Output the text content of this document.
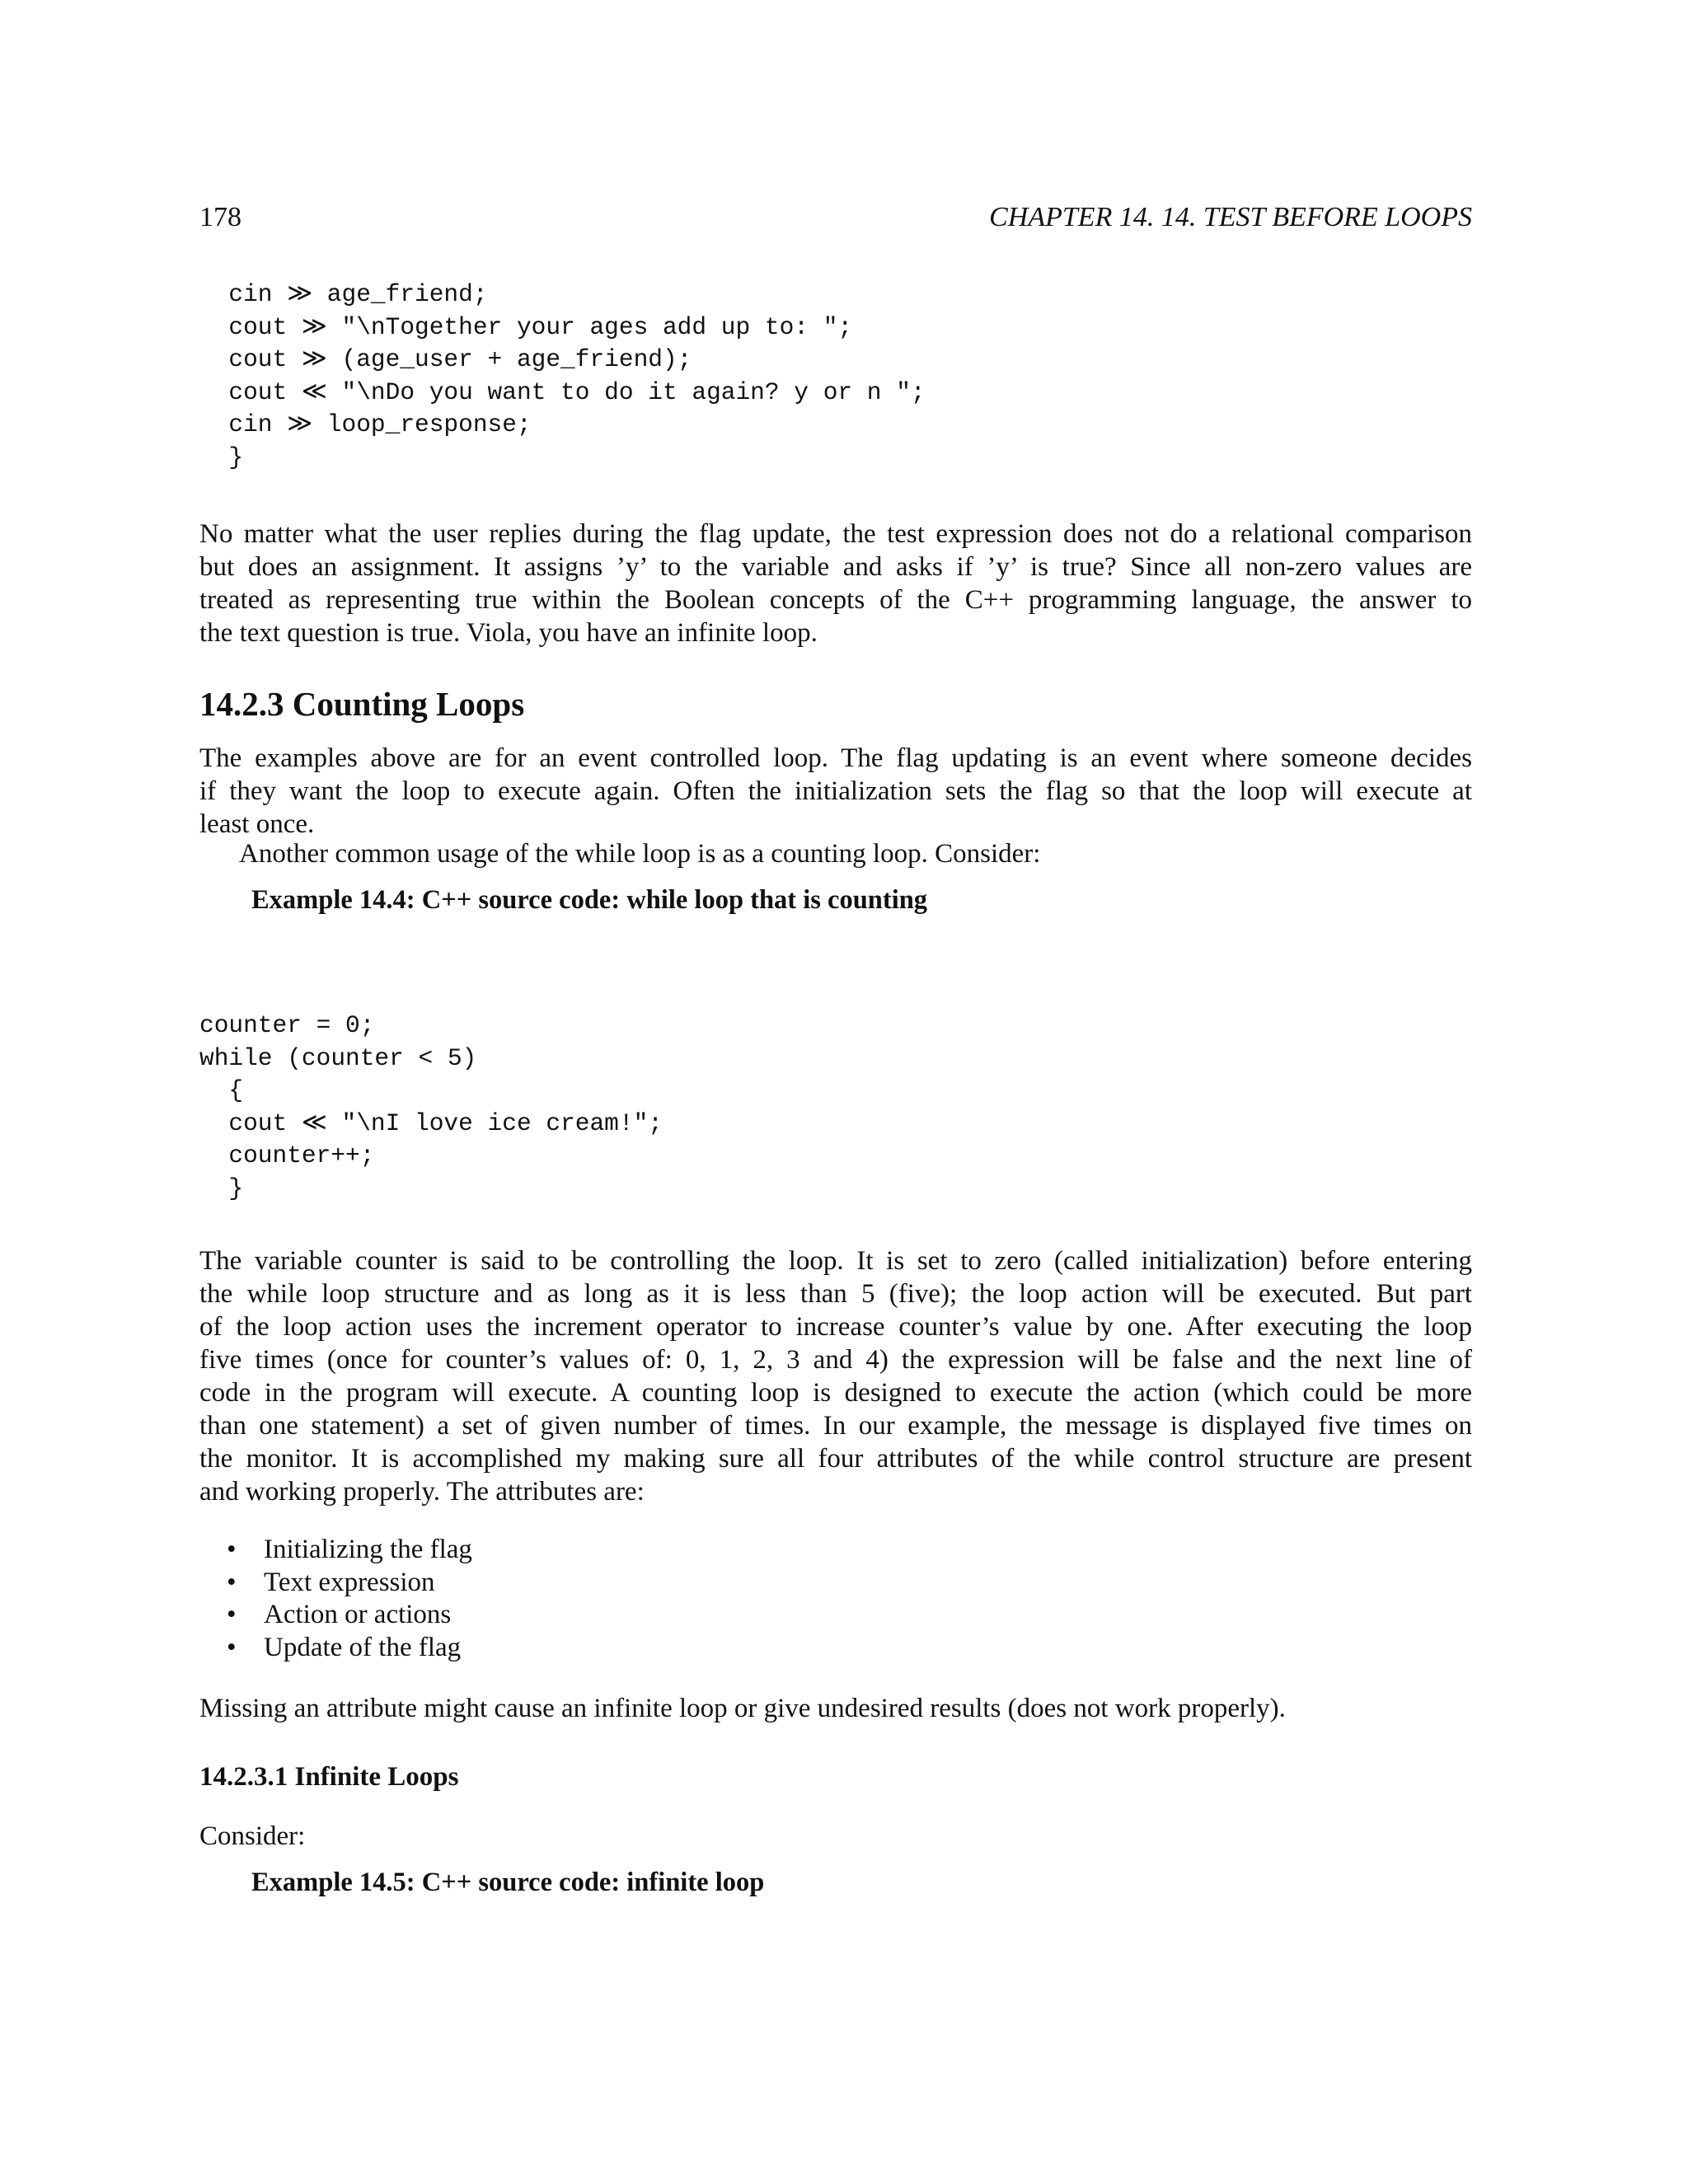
178	CHAPTER 14. 14. TEST BEFORE LOOPS
cin ≫ age_friend;
cout ≫ "\nTogether your ages add up to: ";
cout ≫ (age_user + age_friend);
cout ≪ "\nDo you want to do it again? y or n ";
cin ≫ loop_response;
}
No matter what the user replies during the flag update, the test expression does not do a relational comparison
but does an assignment. It assigns ’y’ to the variable and asks if ’y’ is true? Since all non-zero values are
treated as representing true within the Boolean concepts of the C++ programming language, the answer to
the text question is true. Viola, you have an infinite loop.
14.2.3 Counting Loops
The examples above are for an event controlled loop. The flag updating is an event where someone decides
if they want the loop to execute again. Often the initialization sets the flag so that the loop will execute at
least once.

Another common usage of the while loop is as a counting loop. Consider:

Example 14.4: C++ source code: while loop that is counting

counter = 0;
while (counter < 5)
{
cout ≪ "\nI love ice cream!";
counter++;
}
The variable counter is said to be controlling the loop. It is set to zero (called initialization) before entering
the while loop structure and as long as it is less than 5 (five); the loop action will be executed. But part
of the loop action uses the increment operator to increase counter’s value by one. After executing the loop
five times (once for counter’s values of: 0, 1, 2, 3 and 4) the expression will be false and the next line of
code in the program will execute. A counting loop is designed to execute the action (which could be more
than one statement) a set of given number of times. In our example, the message is displayed five times on
the monitor. It is accomplished my making sure all four attributes of the while control structure are present
and working properly. The attributes are:
• Initializing the flag
• Text expression
• Action or actions
• Update of the flag

Missing an attribute might cause an infinite loop or give undesired results (does not work properly).

14.2.3.1 Infinite Loops

Consider:

Example 14.5: C++ source code: infinite loop
